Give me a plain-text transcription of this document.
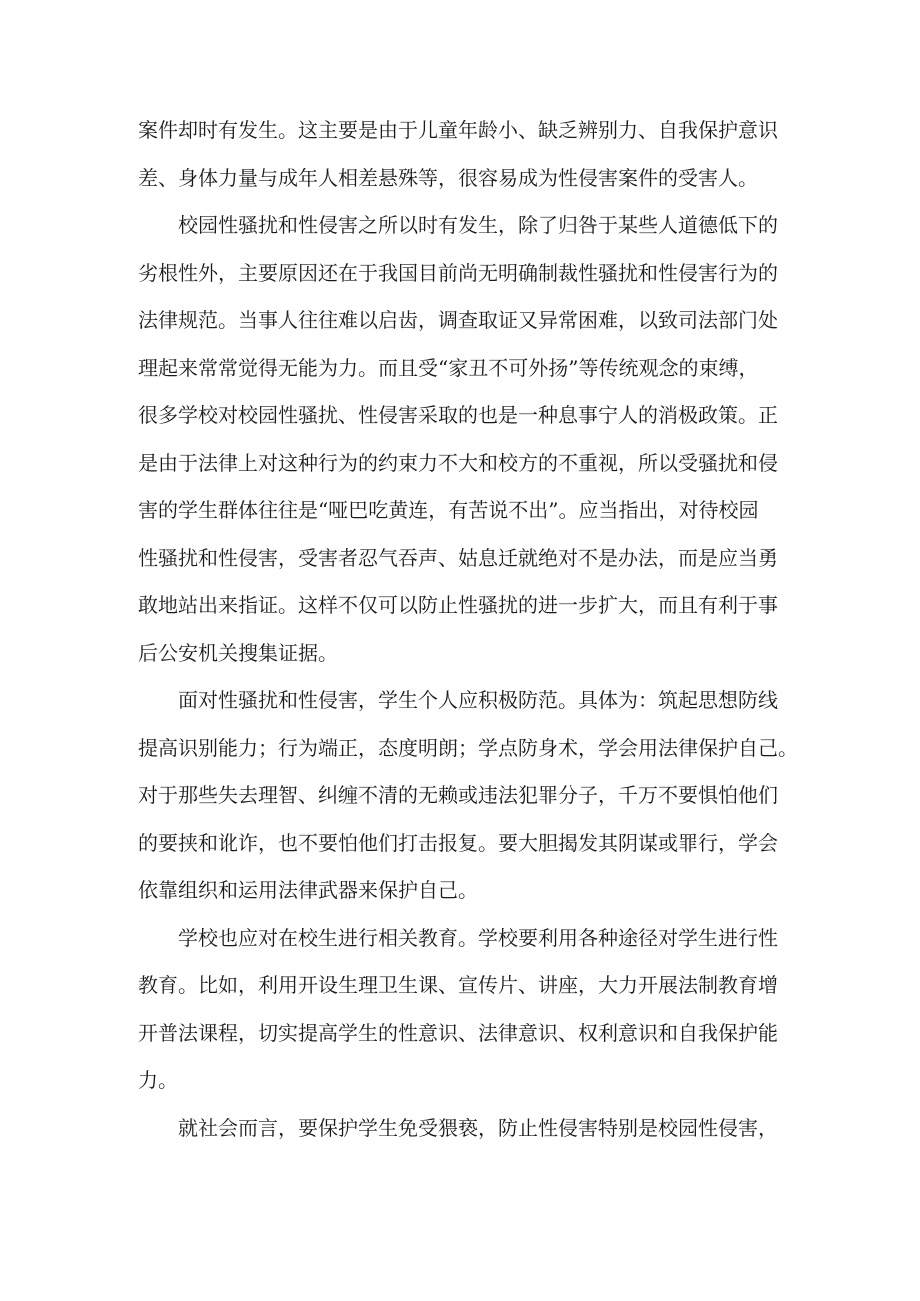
案件却时有发生。这主要是由于儿童年龄小、缺乏辨别力、自我保护意识
差、身体力量与成年人相差悬殊等，很容易成为性侵害案件的受害人。

校园性骚扰和性侵害之所以时有发生，除了归咎于某些人道德低下的
劣根性外，主要原因还在于我国目前尚无明确制裁性骚扰和性侵害行为的
法律规范。当事人往往难以启齿，调查取证又异常困难，以致司法部门处
理起来常常觉得无能为力。而且受“家丑不可外扬”等传统观念的束缚，
很多学校对校园性骚扰、性侵害采取的也是一种息事宁人的消极政策。正
是由于法律上对这种行为的约束力不大和校方的不重视，所以受骚扰和侵
害的学生群体往往是“哑巴吃黄连，有苦说不出”。应当指出，对待校园
性骚扰和性侵害，受害者忍气吞声、姑息迁就绝对不是办法，而是应当勇
敢地站出来指证。这样不仅可以防止性骚扰的进一步扩大，而且有利于事
后公安机关搜集证据。

面对性骚扰和性侵害，学生个人应积极防范。具体为：筑起思想防线
提高识别能力；行为端正，态度明朗；学点防身术，学会用法律保护自己。
对于那些失去理智、纠缠不清的无赖或违法犯罪分子，千万不要惧怕他们
的要挟和讹诈，也不要怕他们打击报复。要大胆揭发其阴谋或罪行，学会
依靠组织和运用法律武器来保护自己。

学校也应对在校生进行相关教育。学校要利用各种途径对学生进行性
教育。比如，利用开设生理卫生课、宣传片、讲座，大力开展法制教育增
开普法课程，切实提高学生的性意识、法律意识、权利意识和自我保护能
力。

就社会而言，要保护学生免受猥亵，防止性侵害特别是校园性侵害，
